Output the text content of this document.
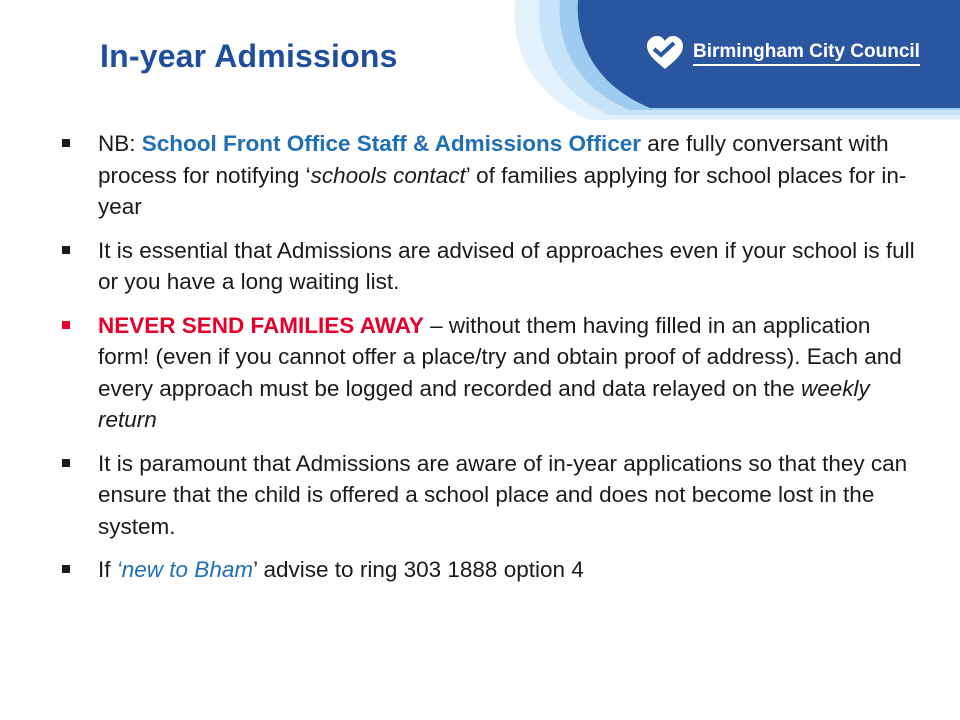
In-year Admissions	Birmingham City Council
NB: School Front Office Staff & Admissions Officer are fully conversant with process for notifying ‘schools contact’ of families applying for school places for in-year
It is essential that Admissions are advised of approaches even if your school is full or you have a long waiting list.
NEVER SEND FAMILIES AWAY – without them having filled in an application form! (even if you cannot offer a place/try and obtain proof of address). Each and every approach must be logged and recorded and data relayed on the weekly return
It is paramount that Admissions are aware of in-year applications so that they can ensure that the child is offered a school place and does not become lost in the system.
If ‘new to Bham’ advise to ring 303 1888 option 4
